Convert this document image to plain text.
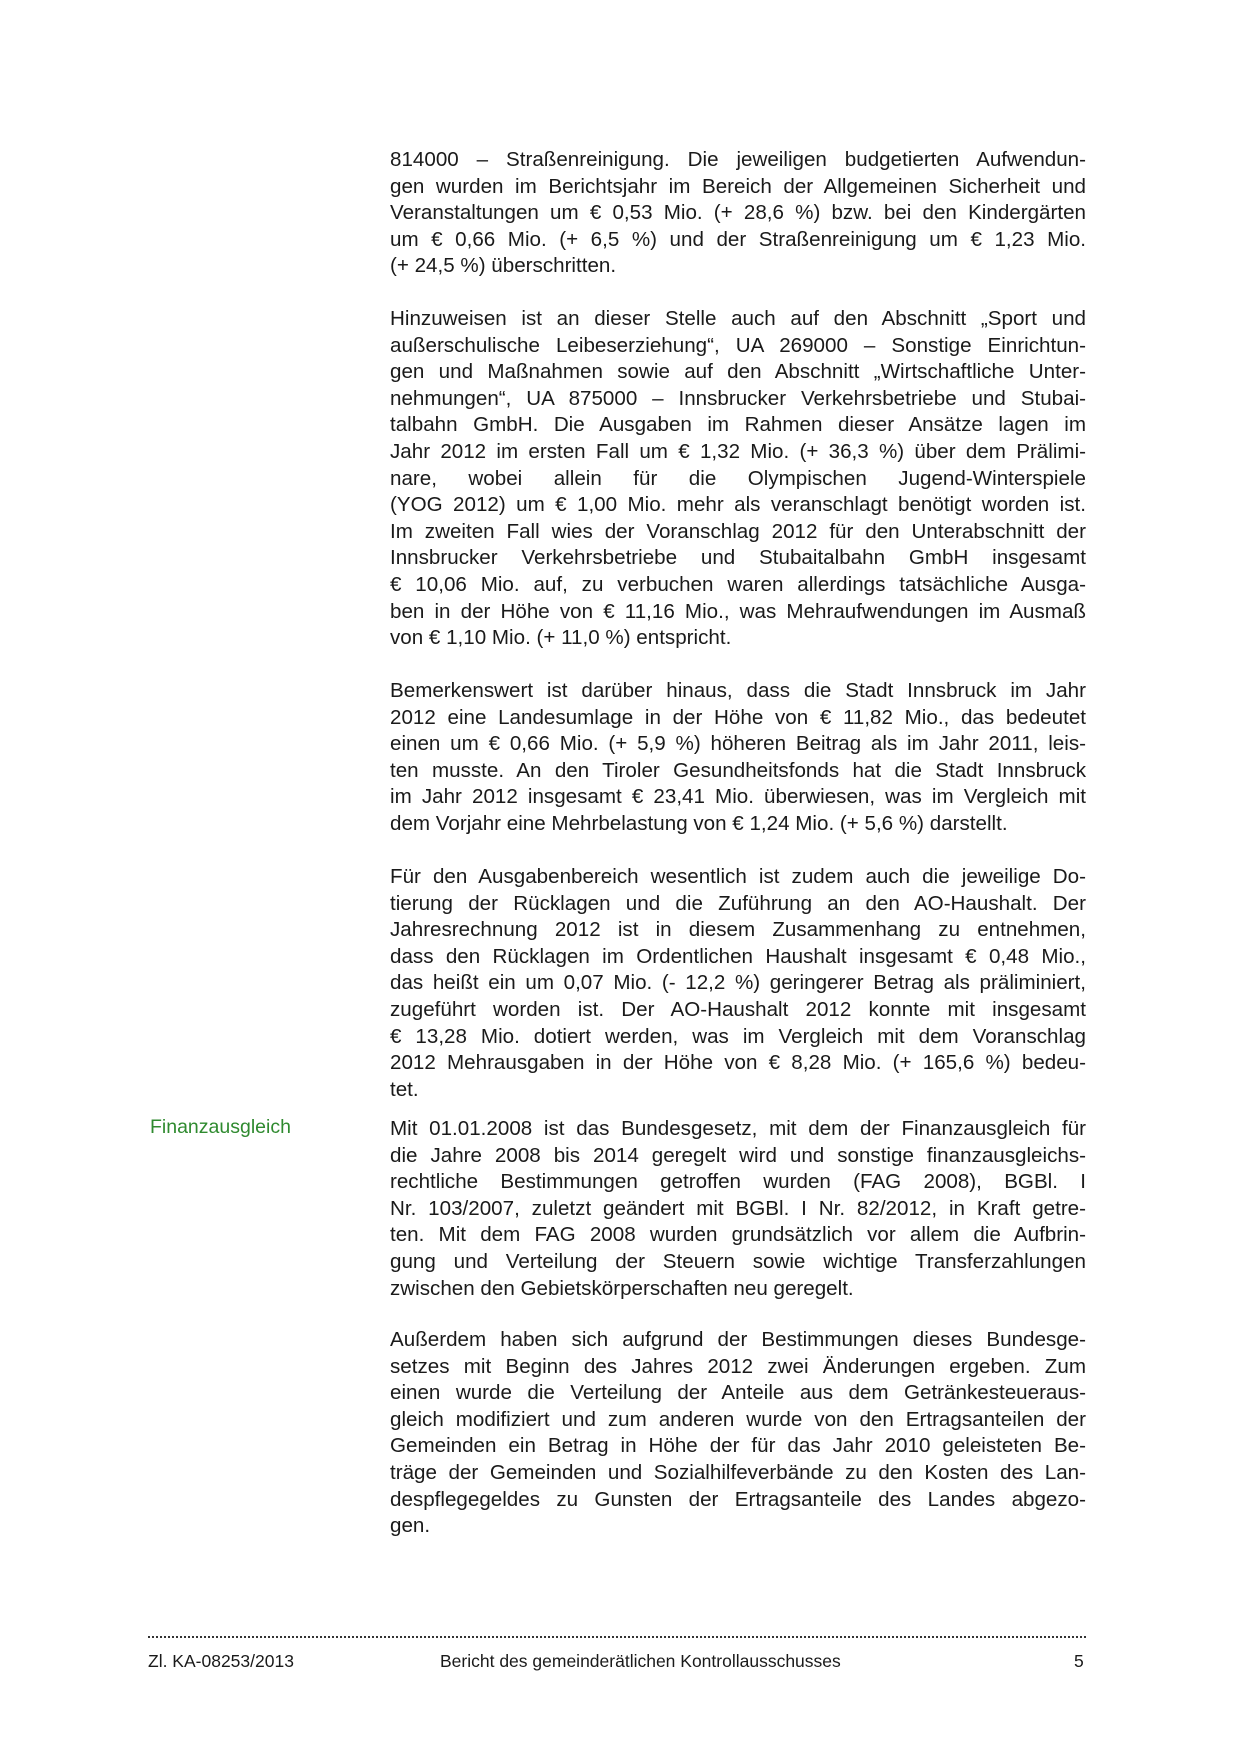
814000 – Straßenreinigung. Die jeweiligen budgetierten Aufwendun-
gen wurden im Berichtsjahr im Bereich der Allgemeinen Sicherheit und
Veranstaltungen um € 0,53 Mio. (+ 28,6 %) bzw. bei den Kindergärten
um € 0,66 Mio. (+ 6,5 %) und der Straßenreinigung um € 1,23 Mio.
(+ 24,5 %) überschritten.
Hinzuweisen ist an dieser Stelle auch auf den Abschnitt „Sport und
außerschulische Leibeserziehung“, UA 269000 – Sonstige Einrichtun-
gen und Maßnahmen sowie auf den Abschnitt „Wirtschaftliche Unter-
nehmungen“, UA 875000 – Innsbrucker Verkehrsbetriebe und Stubai-
talbahn GmbH. Die Ausgaben im Rahmen dieser Ansätze lagen im
Jahr 2012 im ersten Fall um € 1,32 Mio. (+ 36,3 %) über dem Prälimi-
nare, wobei allein für die Olympischen Jugend-Winterspiele
(YOG 2012) um € 1,00 Mio. mehr als veranschlagt benötigt worden ist.
Im zweiten Fall wies der Voranschlag 2012 für den Unterabschnitt der
Innsbrucker Verkehrsbetriebe und Stubaitalbahn GmbH insgesamt
€ 10,06 Mio. auf, zu verbuchen waren allerdings tatsächliche Ausga-
ben in der Höhe von € 11,16 Mio., was Mehraufwendungen im Ausmaß
von € 1,10 Mio. (+ 11,0 %) entspricht.
Bemerkenswert ist darüber hinaus, dass die Stadt Innsbruck im Jahr
2012 eine Landesumlage in der Höhe von € 11,82 Mio., das bedeutet
einen um € 0,66 Mio. (+ 5,9 %) höheren Beitrag als im Jahr 2011, leis-
ten musste. An den Tiroler Gesundheitsfonds hat die Stadt Innsbruck
im Jahr 2012 insgesamt € 23,41 Mio. überwiesen, was im Vergleich mit
dem Vorjahr eine Mehrbelastung von € 1,24 Mio. (+ 5,6 %) darstellt.
Für den Ausgabenbereich wesentlich ist zudem auch die jeweilige Do-
tierung der Rücklagen und die Zuführung an den AO-Haushalt. Der
Jahresrechnung 2012 ist in diesem Zusammenhang zu entnehmen,
dass den Rücklagen im Ordentlichen Haushalt insgesamt € 0,48 Mio.,
das heißt ein um 0,07 Mio. (- 12,2 %) geringerer Betrag als präliminiert,
zugeführt worden ist. Der AO-Haushalt 2012 konnte mit insgesamt
€ 13,28 Mio. dotiert werden, was im Vergleich mit dem Voranschlag
2012 Mehrausgaben in der Höhe von € 8,28 Mio. (+ 165,6 %) bedeu-
tet.
Finanzausgleich	Mit 01.01.2008 ist das Bundesgesetz, mit dem der Finanzausgleich für
die Jahre 2008 bis 2014 geregelt wird und sonstige finanzausgleichs-
rechtliche Bestimmungen getroffen wurden (FAG 2008), BGBl. I
Nr. 103/2007, zuletzt geändert mit BGBl. I Nr. 82/2012, in Kraft getre-
ten. Mit dem FAG 2008 wurden grundsätzlich vor allem die Aufbrin-
gung und Verteilung der Steuern sowie wichtige Transferzahlungen
zwischen den Gebietskörperschaften neu geregelt.
Außerdem haben sich aufgrund der Bestimmungen dieses Bundesge-
setzes mit Beginn des Jahres 2012 zwei Änderungen ergeben. Zum
einen wurde die Verteilung der Anteile aus dem Getränkesteueraus-
gleich modifiziert und zum anderen wurde von den Ertragsanteilen der
Gemeinden ein Betrag in Höhe der für das Jahr 2010 geleisteten Be-
träge der Gemeinden und Sozialhilfeverbände zu den Kosten des Lan-
despflegegeldes zu Gunsten der Ertragsanteile des Landes abgezo-
gen.
Zl. KA-08253/2013	Bericht des gemeinderätlichen Kontrollausschusses	5
